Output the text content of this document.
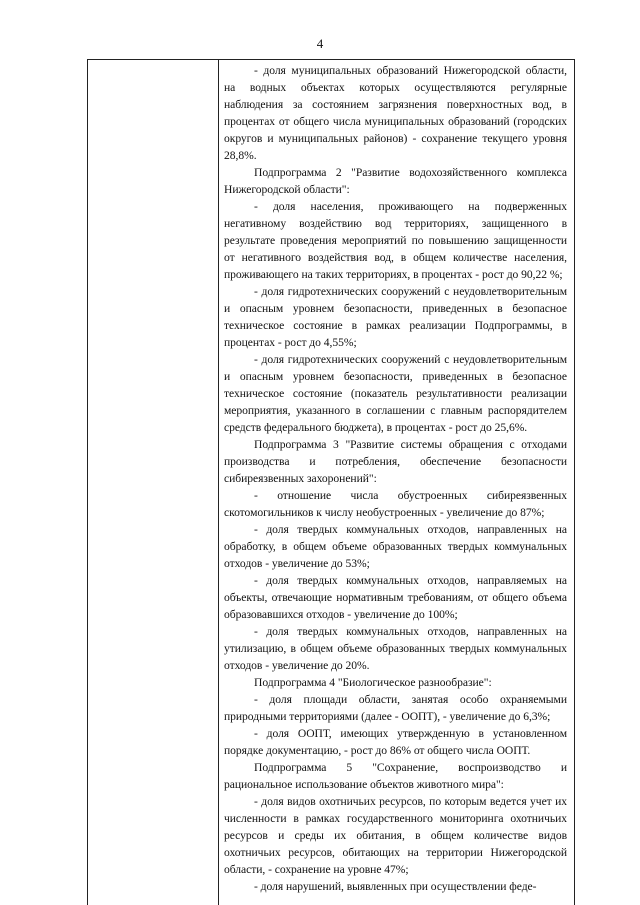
4

- доля муниципальных образований Нижегородской области, на водных объектах которых осуществляются регулярные наблюдения за состоянием загрязнения поверхностных вод, в процентах от общего числа муниципальных образований (городских округов и муниципальных районов) - сохранение текущего уровня 28,8%.

Подпрограмма 2 "Развитие водохозяйственного комплекса Нижегородской области":

- доля населения, проживающего на подверженных негативному воздействию вод территориях, защищенного в результате проведения мероприятий по повышению защищенности от негативного воздействия вод, в общем количестве населения, проживающего на таких территориях, в процентах - рост до 90,22 %;

- доля гидротехнических сооружений с неудовлетворительным и опасным уровнем безопасности, приведенных в безопасное техническое состояние в рамках реализации Подпрограммы, в процентах - рост до 4,55%;

- доля гидротехнических сооружений с неудовлетворительным и опасным уровнем безопасности, приведенных в безопасное техническое состояние (показатель результативности реализации мероприятия, указанного в соглашении с главным распорядителем средств федерального бюджета), в процентах - рост до 25,6%.

Подпрограмма 3 "Развитие системы обращения с отходами производства и потребления, обеспечение безопасности сибиреязвенных захоронений":

- отношение числа обустроенных сибиреязвенных скотомогильников к числу необустроенных - увеличение до 87%;

- доля твердых коммунальных отходов, направленных на обработку, в общем объеме образованных твердых коммунальных отходов - увеличение до 53%;

- доля твердых коммунальных отходов, направляемых на объекты, отвечающие нормативным требованиям, от общего объема образовавшихся отходов - увеличение до 100%;

- доля твердых коммунальных отходов, направленных на утилизацию, в общем объеме образованных твердых коммунальных отходов - увеличение до 20%.

Подпрограмма 4 "Биологическое разнообразие":

- доля площади области, занятая особо охраняемыми природными территориями (далее - ООПТ), - увеличение до 6,3%;

- доля ООПТ, имеющих утвержденную в установленном порядке документацию, - рост до 86% от общего числа ООПТ.

Подпрограмма 5 "Сохранение, воспроизводство и рациональное использование объектов животного мира":

- доля видов охотничьих ресурсов, по которым ведется учет их численности в рамках государственного мониторинга охотничьих ресурсов и среды их обитания, в общем количестве видов охотничьих ресурсов, обитающих на территории Нижегородской области, - сохранение на уровне 47%;

- доля нарушений, выявленных при осуществлении феде-
